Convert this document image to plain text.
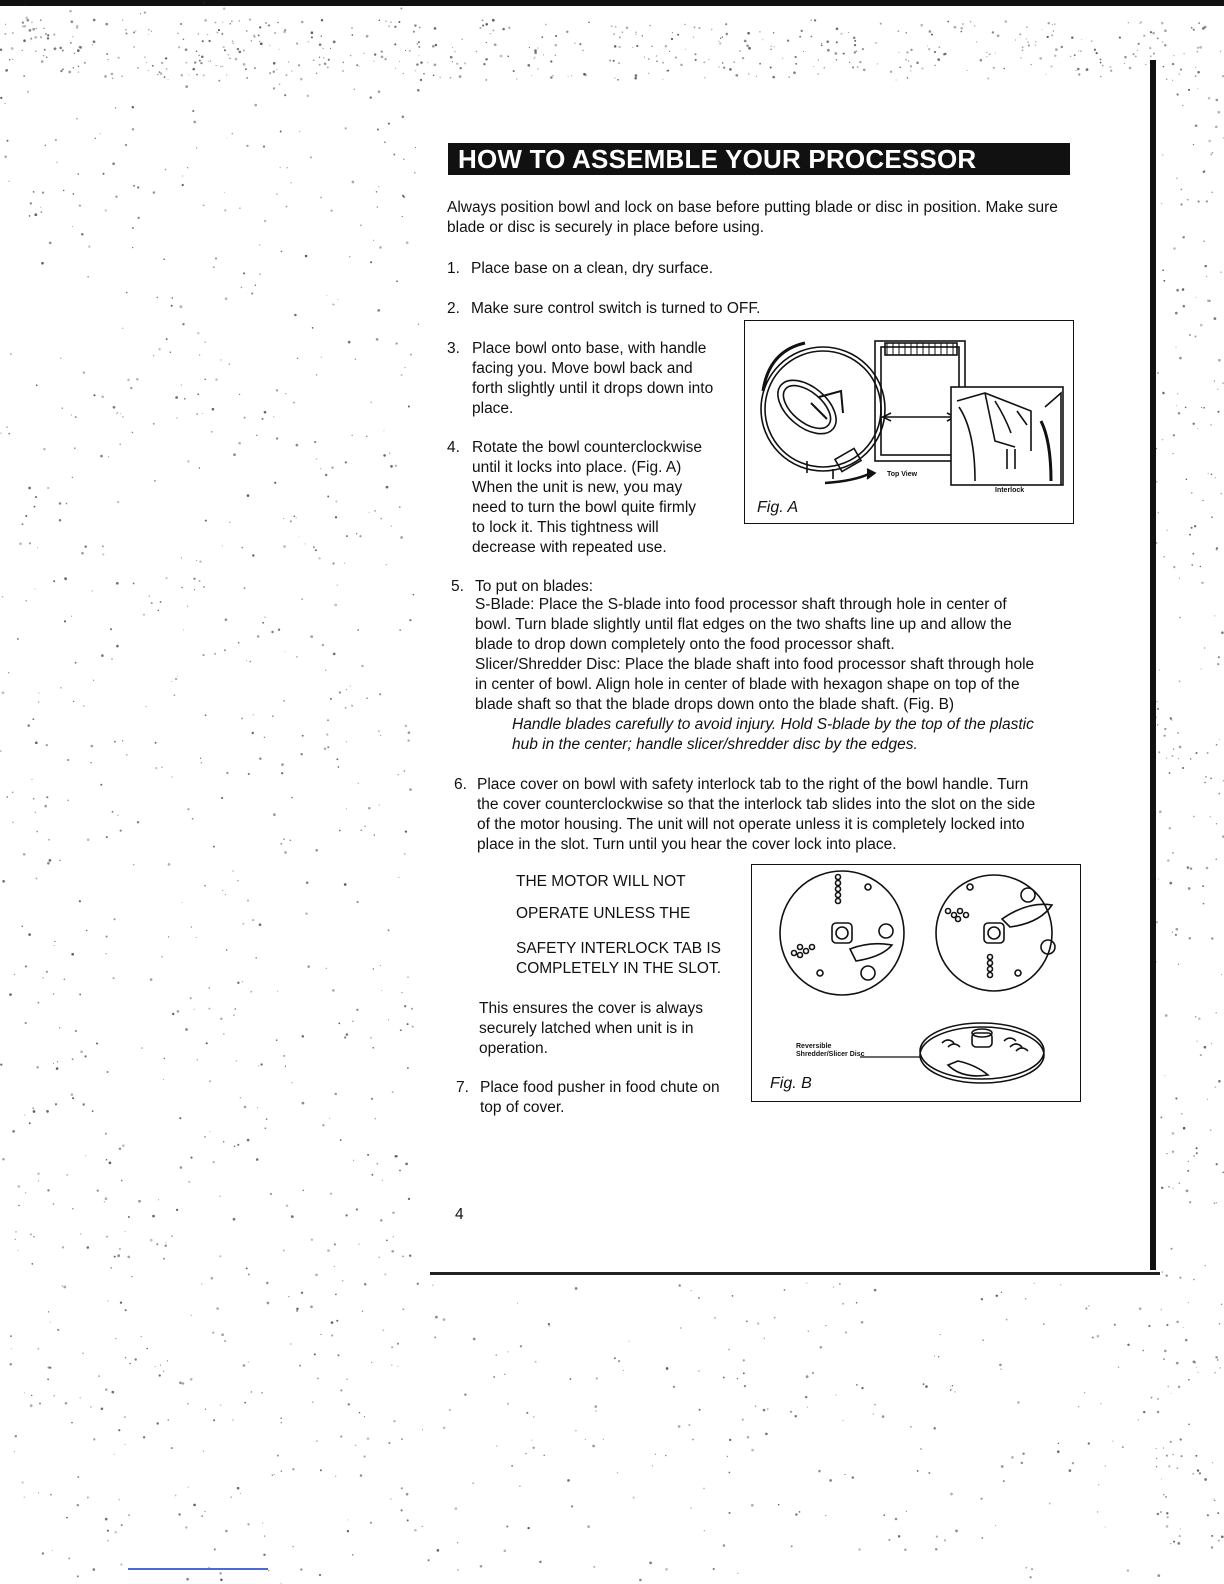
HOW TO ASSEMBLE YOUR PROCESSOR
Always position bowl and lock on base before putting blade or disc in position. Make sure blade or disc is securely in place before using.
1. Place base on a clean, dry surface.
2. Make sure control switch is turned to OFF.
3. Place bowl onto base, with handle
facing you. Move bowl back and
forth slightly until it drops down into
place.
4. Rotate the bowl counterclockwise
until it locks into place. (Fig. A)
When the unit is new, you may
need to turn the bowl quite firmly
to lock it. This tightness will
decrease with repeated use.
Top View
Interlock
Fig. A
5. To put on blades:
S-Blade: Place the S-blade into food processor shaft through hole in center of
bowl. Turn blade slightly until flat edges on the two shafts line up and allow the
blade to drop down completely onto the food processor shaft.
Slicer/Shredder Disc: Place the blade shaft into food processor shaft through hole
in center of bowl. Align hole in center of blade with hexagon shape on top of the
blade shaft so that the blade drops down onto the blade shaft. (Fig. B)
Handle blades carefully to avoid injury. Hold S-blade by the top of the plastic
hub in the center; handle slicer/shredder disc by the edges.
6. Place cover on bowl with safety interlock tab to the right of the bowl handle. Turn
the cover counterclockwise so that the interlock tab slides into the slot on the side
of the motor housing. The unit will not operate unless it is completely locked into
place in the slot. Turn until you hear the cover lock into place.
THE MOTOR WILL NOT
OPERATE UNLESS THE
SAFETY INTERLOCK TAB IS
COMPLETELY IN THE SLOT.
This ensures the cover is always
securely latched when unit is in
operation.
7. Place food pusher in food chute on
top of cover.
Reversible
Shredder/Slicer Disc
Fig. B
4
